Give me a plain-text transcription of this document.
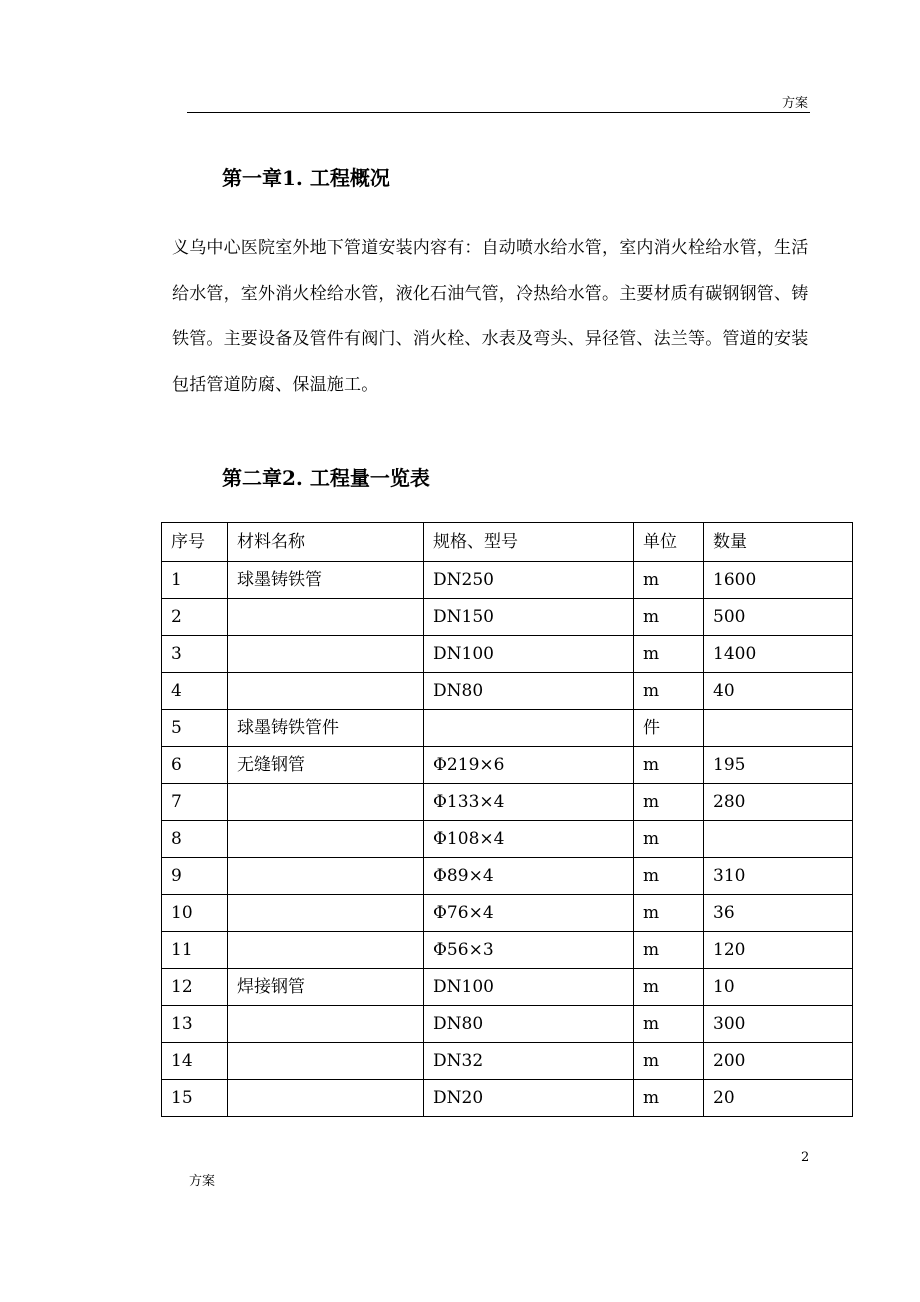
方案
第一章1. 工程概况

义乌中心医院室外地下管道安装内容有：自动喷水给水管，室内消火栓给水管，生活给水管，室外消火栓给水管，液化石油气管，冷热给水管。主要材质有碳钢钢管、铸铁管。主要设备及管件有阀门、消火栓、水表及弯头、异径管、法兰等。管道的安装包括管道防腐、保温施工。

第二章2. 工程量一览表
序号	材料名称	规格、型号	单位	数量
1	球墨铸铁管	DN250	m	1600
2		DN150	m	500
3		DN100	m	1400
4		DN80	m	40
5	球墨铸铁管件		件	
6	无缝钢管	Φ219×6	m	195
7		Φ133×4	m	280
8		Φ108×4	m	
9		Φ89×4	m	310
10		Φ76×4	m	36
11		Φ56×3	m	120
12	焊接钢管	DN100	m	10
13		DN80	m	300
14		DN32	m	200
15		DN20	m	20
2
方案
